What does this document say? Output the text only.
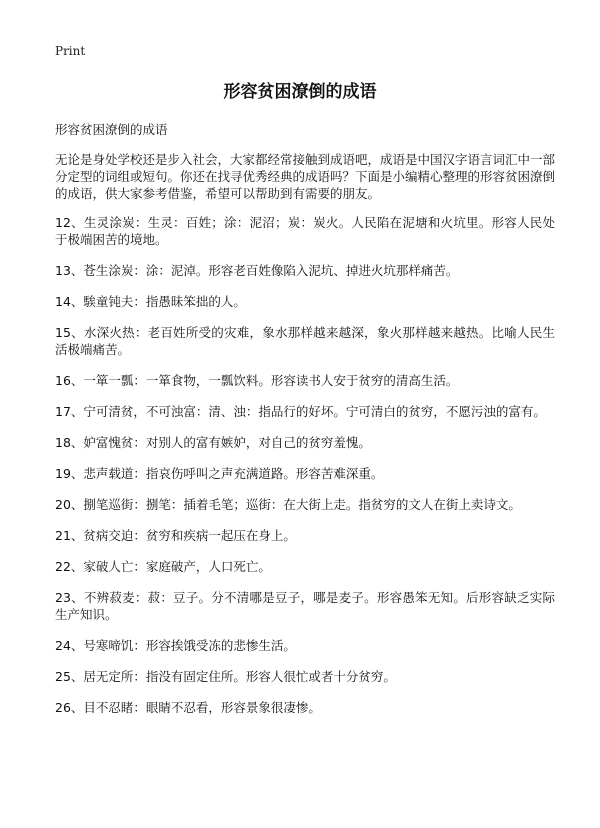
Print
形容贫困潦倒的成语
形容贫困潦倒的成语

无论是身处学校还是步入社会，大家都经常接触到成语吧，成语是中国汉字语言词汇中一部分定型的词组或短句。你还在找寻优秀经典的成语吗？下面是小编精心整理的形容贫困潦倒的成语，供大家参考借鉴，希望可以帮助到有需要的朋友。

12、生灵涂炭：生灵：百姓；涂：泥沼；炭：炭火。人民陷在泥塘和火坑里。形容人民处于极端困苦的境地。

13、苍生涂炭：涂：泥淖。形容老百姓像陷入泥坑、掉进火坑那样痛苦。

14、騃童钝夫：指愚昧笨拙的人。

15、水深火热：老百姓所受的灾难，象水那样越来越深，象火那样越来越热。比喻人民生活极端痛苦。

16、一箪一瓢：一箪食物，一瓢饮料。形容读书人安于贫穷的清高生活。

17、宁可清贫，不可浊富：清、浊：指品行的好坏。宁可清白的贫穷，不愿污浊的富有。

18、妒富愧贫：对别人的富有嫉妒，对自己的贫穷羞愧。

19、悲声载道：指哀伤呼叫之声充满道路。形容苦难深重。

20、捌笔巡街：捌笔：插着毛笔；巡街：在大街上走。指贫穷的文人在街上卖诗文。

21、贫病交迫：贫穷和疾病一起压在身上。

22、家破人亡：家庭破产，人口死亡。

23、不辨菽麦：菽：豆子。分不清哪是豆子，哪是麦子。形容愚笨无知。后形容缺乏实际生产知识。

24、号寒啼饥：形容挨饿受冻的悲惨生活。

25、居无定所：指没有固定住所。形容人很忙或者十分贫穷。

26、目不忍睹：眼睛不忍看，形容景象很凄惨。
